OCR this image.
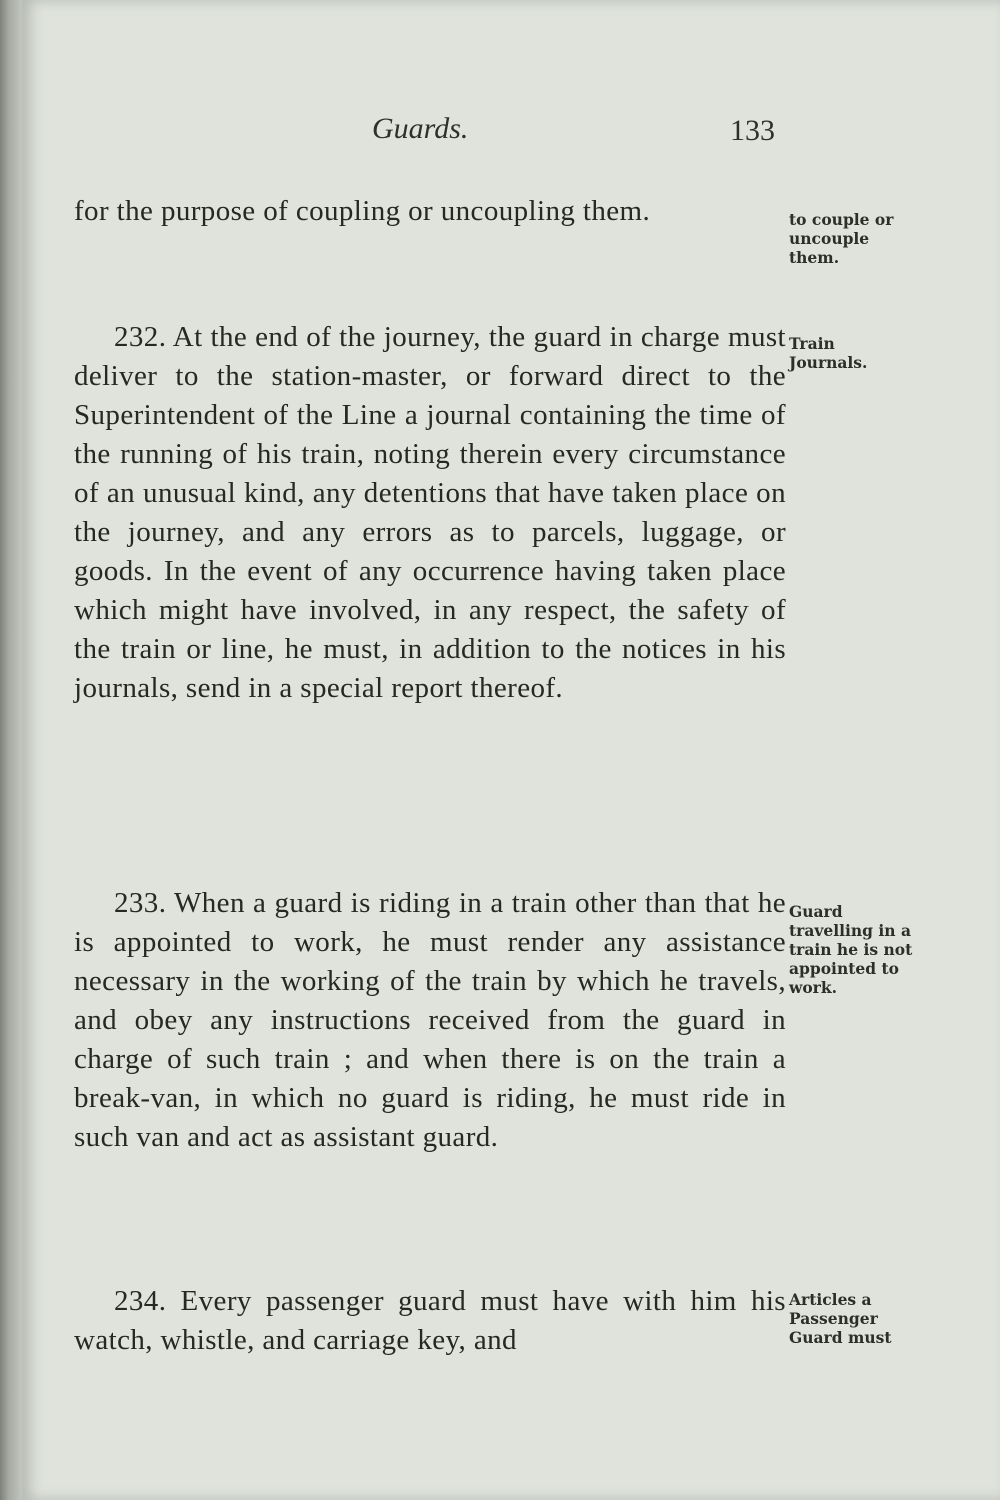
Guards.	133

for the purpose of coupling or uncoupling them.	to couple or uncouple them.

232. At the end of the journey, the guard in charge must deliver to the station-master, or forward direct to the Superintendent of the Line a journal containing the time of the running of his train, noting therein every circumstance of an unusual kind, any detentions that have taken place on the journey, and any errors as to parcels, luggage, or goods. In the event of any occurrence having taken place which might have involved, in any respect, the safety of the train or line, he must, in addition to the notices in his journals, send in a special report thereof.

Train Journals.

233. When a guard is riding in a train other than that he is appointed to work, he must render any assistance necessary in the working of the train by which he travels, and obey any instructions received from the guard in charge of such train ; and when there is on the train a break-van, in which no guard is riding, he must ride in such van and act as assistant guard.

Guard travelling in a train he is not appointed to work.

234. Every passenger guard must have with him his watch, whistle, and carriage key, and

Articles a Passenger Guard must
